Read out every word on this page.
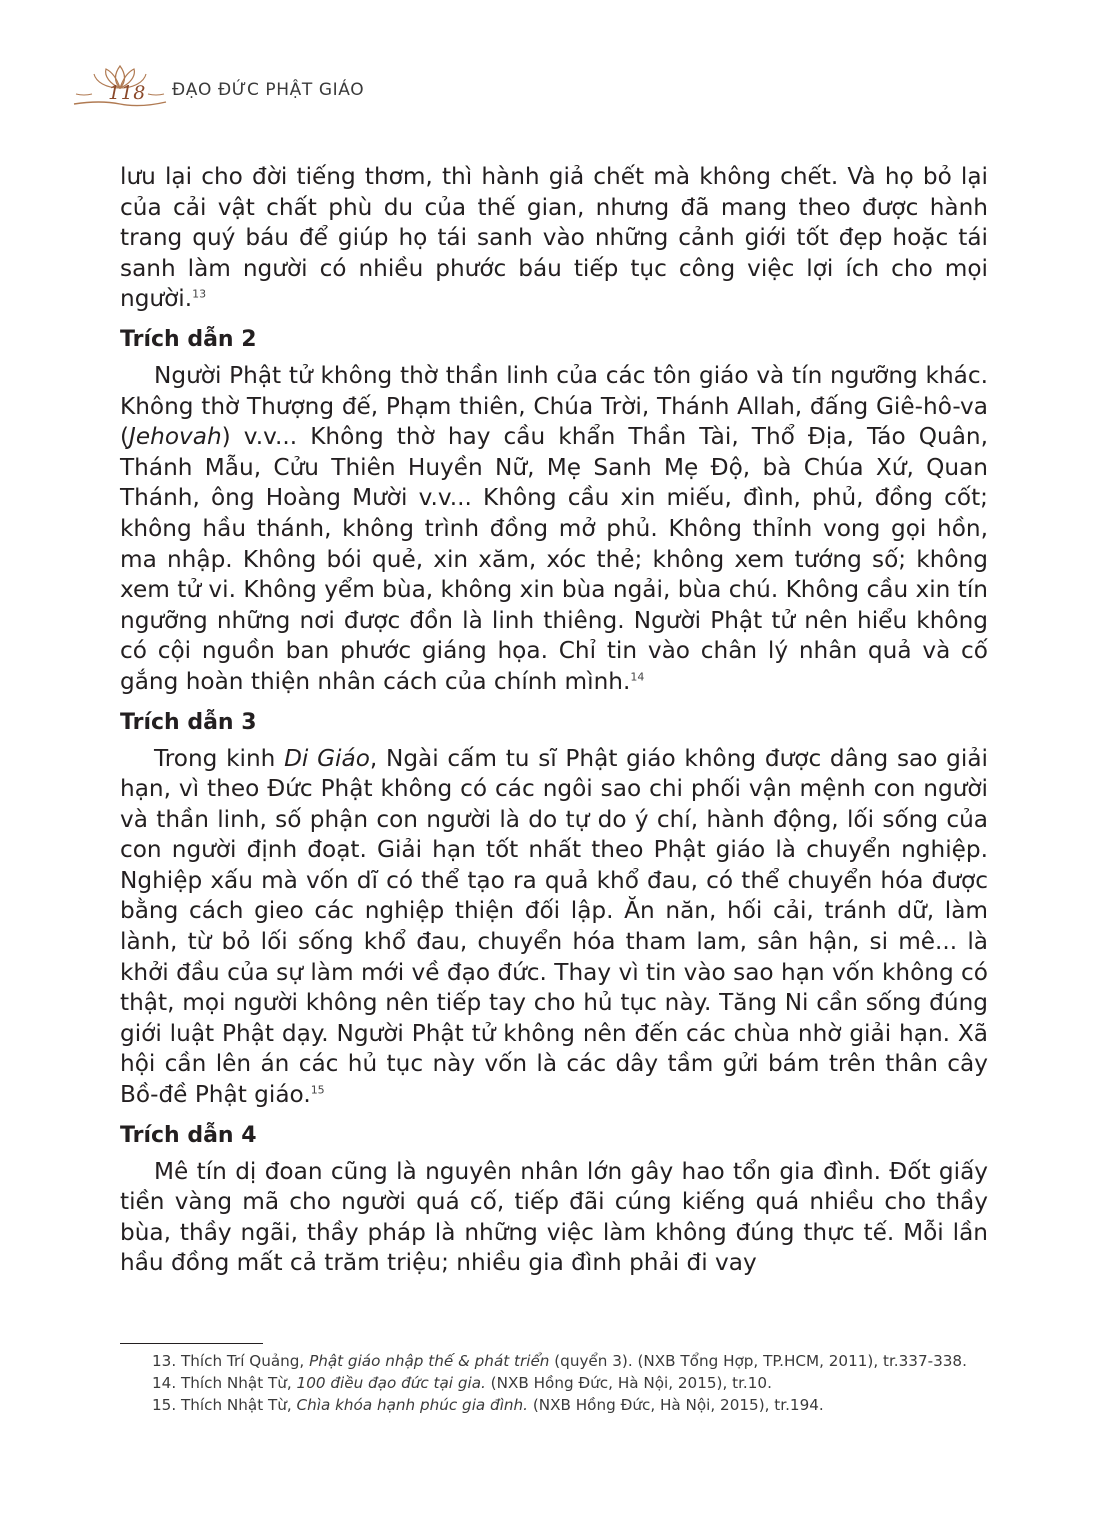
118	ĐẠO ĐỨC PHẬT GIÁO

lưu lại cho đời tiếng thơm, thì hành giả chết mà không chết. Và họ bỏ lại của cải vật chất phù du của thế gian, nhưng đã mang theo được hành trang quý báu để giúp họ tái sanh vào những cảnh giới tốt đẹp hoặc tái sanh làm người có nhiều phước báu tiếp tục công việc lợi ích cho mọi người.$^{13}$

Trích dẫn 2

Người Phật tử không thờ thần linh của các tôn giáo và tín ngưỡng khác. Không thờ Thượng đế, Phạm thiên, Chúa Trời, Thánh Allah, đấng Giê-hô-va (Jehovah) v.v... Không thờ hay cầu khẩn Thần Tài, Thổ Địa, Táo Quân, Thánh Mẫu, Cửu Thiên Huyền Nữ, Mẹ Sanh Mẹ Độ, bà Chúa Xứ, Quan Thánh, ông Hoàng Mười v.v... Không cầu xin miếu, đình, phủ, đồng cốt; không hầu thánh, không trình đồng mở phủ. Không thỉnh vong gọi hồn, ma nhập. Không bói quẻ, xin xăm, xóc thẻ; không xem tướng số; không xem tử vi. Không yểm bùa, không xin bùa ngải, bùa chú. Không cầu xin tín ngưỡng những nơi được đồn là linh thiêng. Người Phật tử nên hiểu không có cội nguồn ban phước giáng họa. Chỉ tin vào chân lý nhân quả và cố gắng hoàn thiện nhân cách của chính mình.$^{14}$

Trích dẫn 3

Trong kinh Di Giáo, Ngài cấm tu sĩ Phật giáo không được dâng sao giải hạn, vì theo Đức Phật không có các ngôi sao chi phối vận mệnh con người và thần linh, số phận con người là do tự do ý chí, hành động, lối sống của con người định đoạt. Giải hạn tốt nhất theo Phật giáo là chuyển nghiệp. Nghiệp xấu mà vốn dĩ có thể tạo ra quả khổ đau, có thể chuyển hóa được bằng cách gieo các nghiệp thiện đối lập. Ăn năn, hối cải, tránh dữ, làm lành, từ bỏ lối sống khổ đau, chuyển hóa tham lam, sân hận, si mê... là khởi đầu của sự làm mới về đạo đức. Thay vì tin vào sao hạn vốn không có thật, mọi người không nên tiếp tay cho hủ tục này. Tăng Ni cần sống đúng giới luật Phật dạy. Người Phật tử không nên đến các chùa nhờ giải hạn. Xã hội cần lên án các hủ tục này vốn là các dây tầm gửi bám trên thân cây Bồ-đề Phật giáo.$^{15}$

Trích dẫn 4

Mê tín dị đoan cũng là nguyên nhân lớn gây hao tổn gia đình. Đốt giấy tiền vàng mã cho người quá cố, tiếp đãi cúng kiếng quá nhiều cho thầy bùa, thầy ngãi, thầy pháp là những việc làm không đúng thực tế. Mỗi lần hầu đồng mất cả trăm triệu; nhiều gia đình phải đi vay

13. Thích Trí Quảng, Phật giáo nhập thế & phát triển (quyển 3). (NXB Tổng Hợp, TP.HCM, 2011), tr.337-338.

14. Thích Nhật Từ, 100 điều đạo đức tại gia. (NXB Hồng Đức, Hà Nội, 2015), tr.10.

15. Thích Nhật Từ, Chìa khóa hạnh phúc gia đình. (NXB Hồng Đức, Hà Nội, 2015), tr.194.
